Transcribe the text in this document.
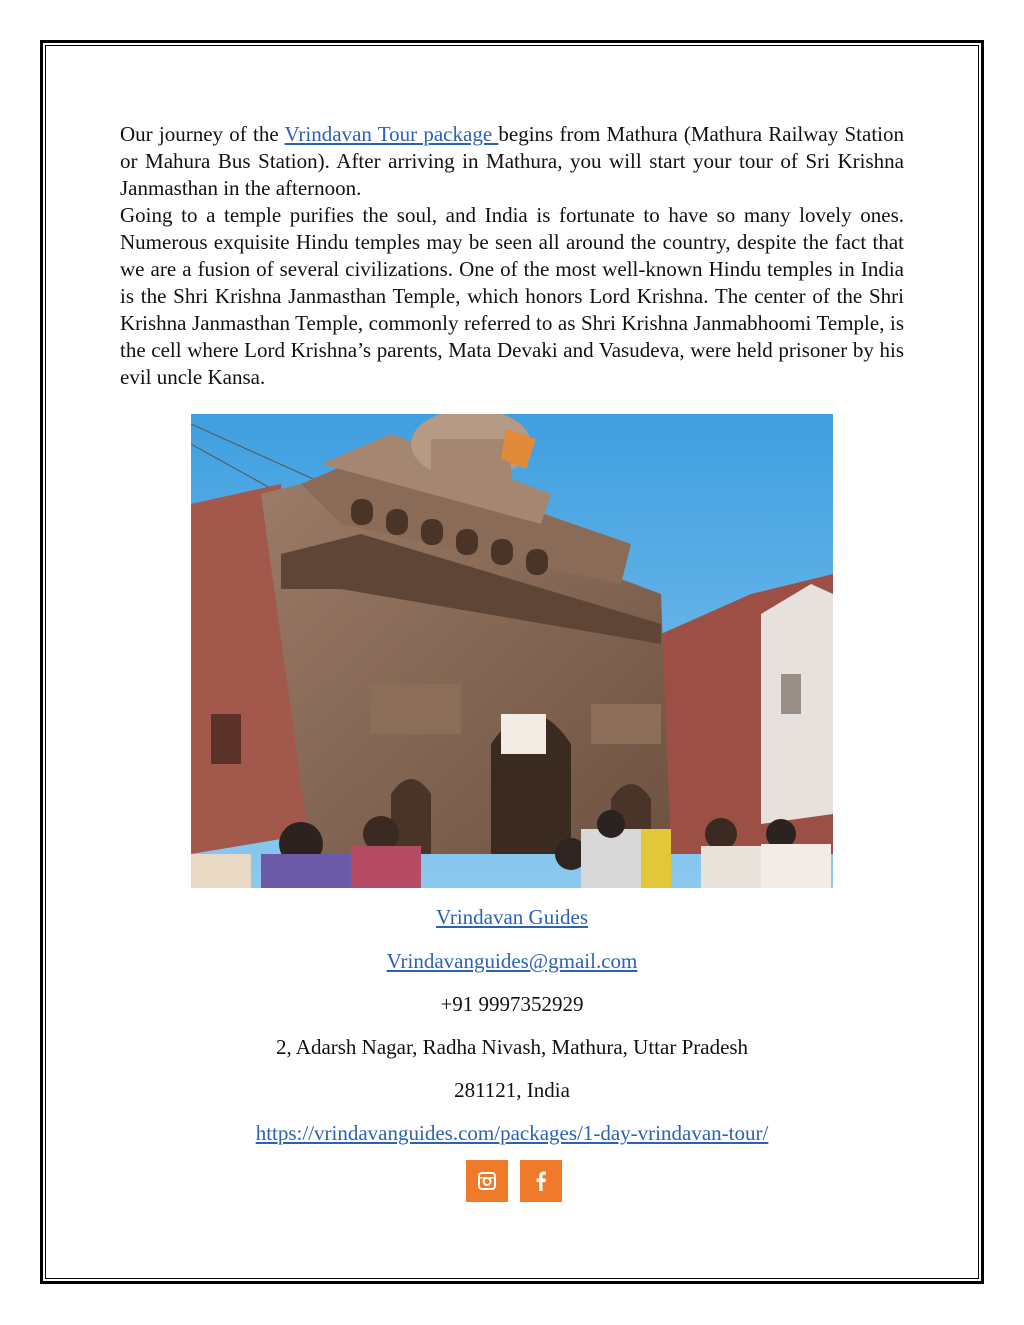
Our journey of the Vrindavan Tour package begins from Mathura (Mathura Railway Station or Mahura Bus Station). After arriving in Mathura, you will start your tour of Sri Krishna Janmasthan in the afternoon.

Going to a temple purifies the soul, and India is fortunate to have so many lovely ones. Numerous exquisite Hindu temples may be seen all around the country, despite the fact that we are a fusion of several civilizations. One of the most well-known Hindu temples in India is the Shri Krishna Janmasthan Temple, which honors Lord Krishna. The center of the Shri Krishna Janmasthan Temple, commonly referred to as Shri Krishna Janmabhoomi Temple, is the cell where Lord Krishna’s parents, Mata Devaki and Vasudeva, were held prisoner by his evil uncle Kansa.

Vrindavan Guides
Vrindavanguides@gmail.com
+91 9997352929
2, Adarsh Nagar, Radha Nivash, Mathura, Uttar Pradesh
281121, India
https://vrindavanguides.com/packages/1-day-vrindavan-tour/
